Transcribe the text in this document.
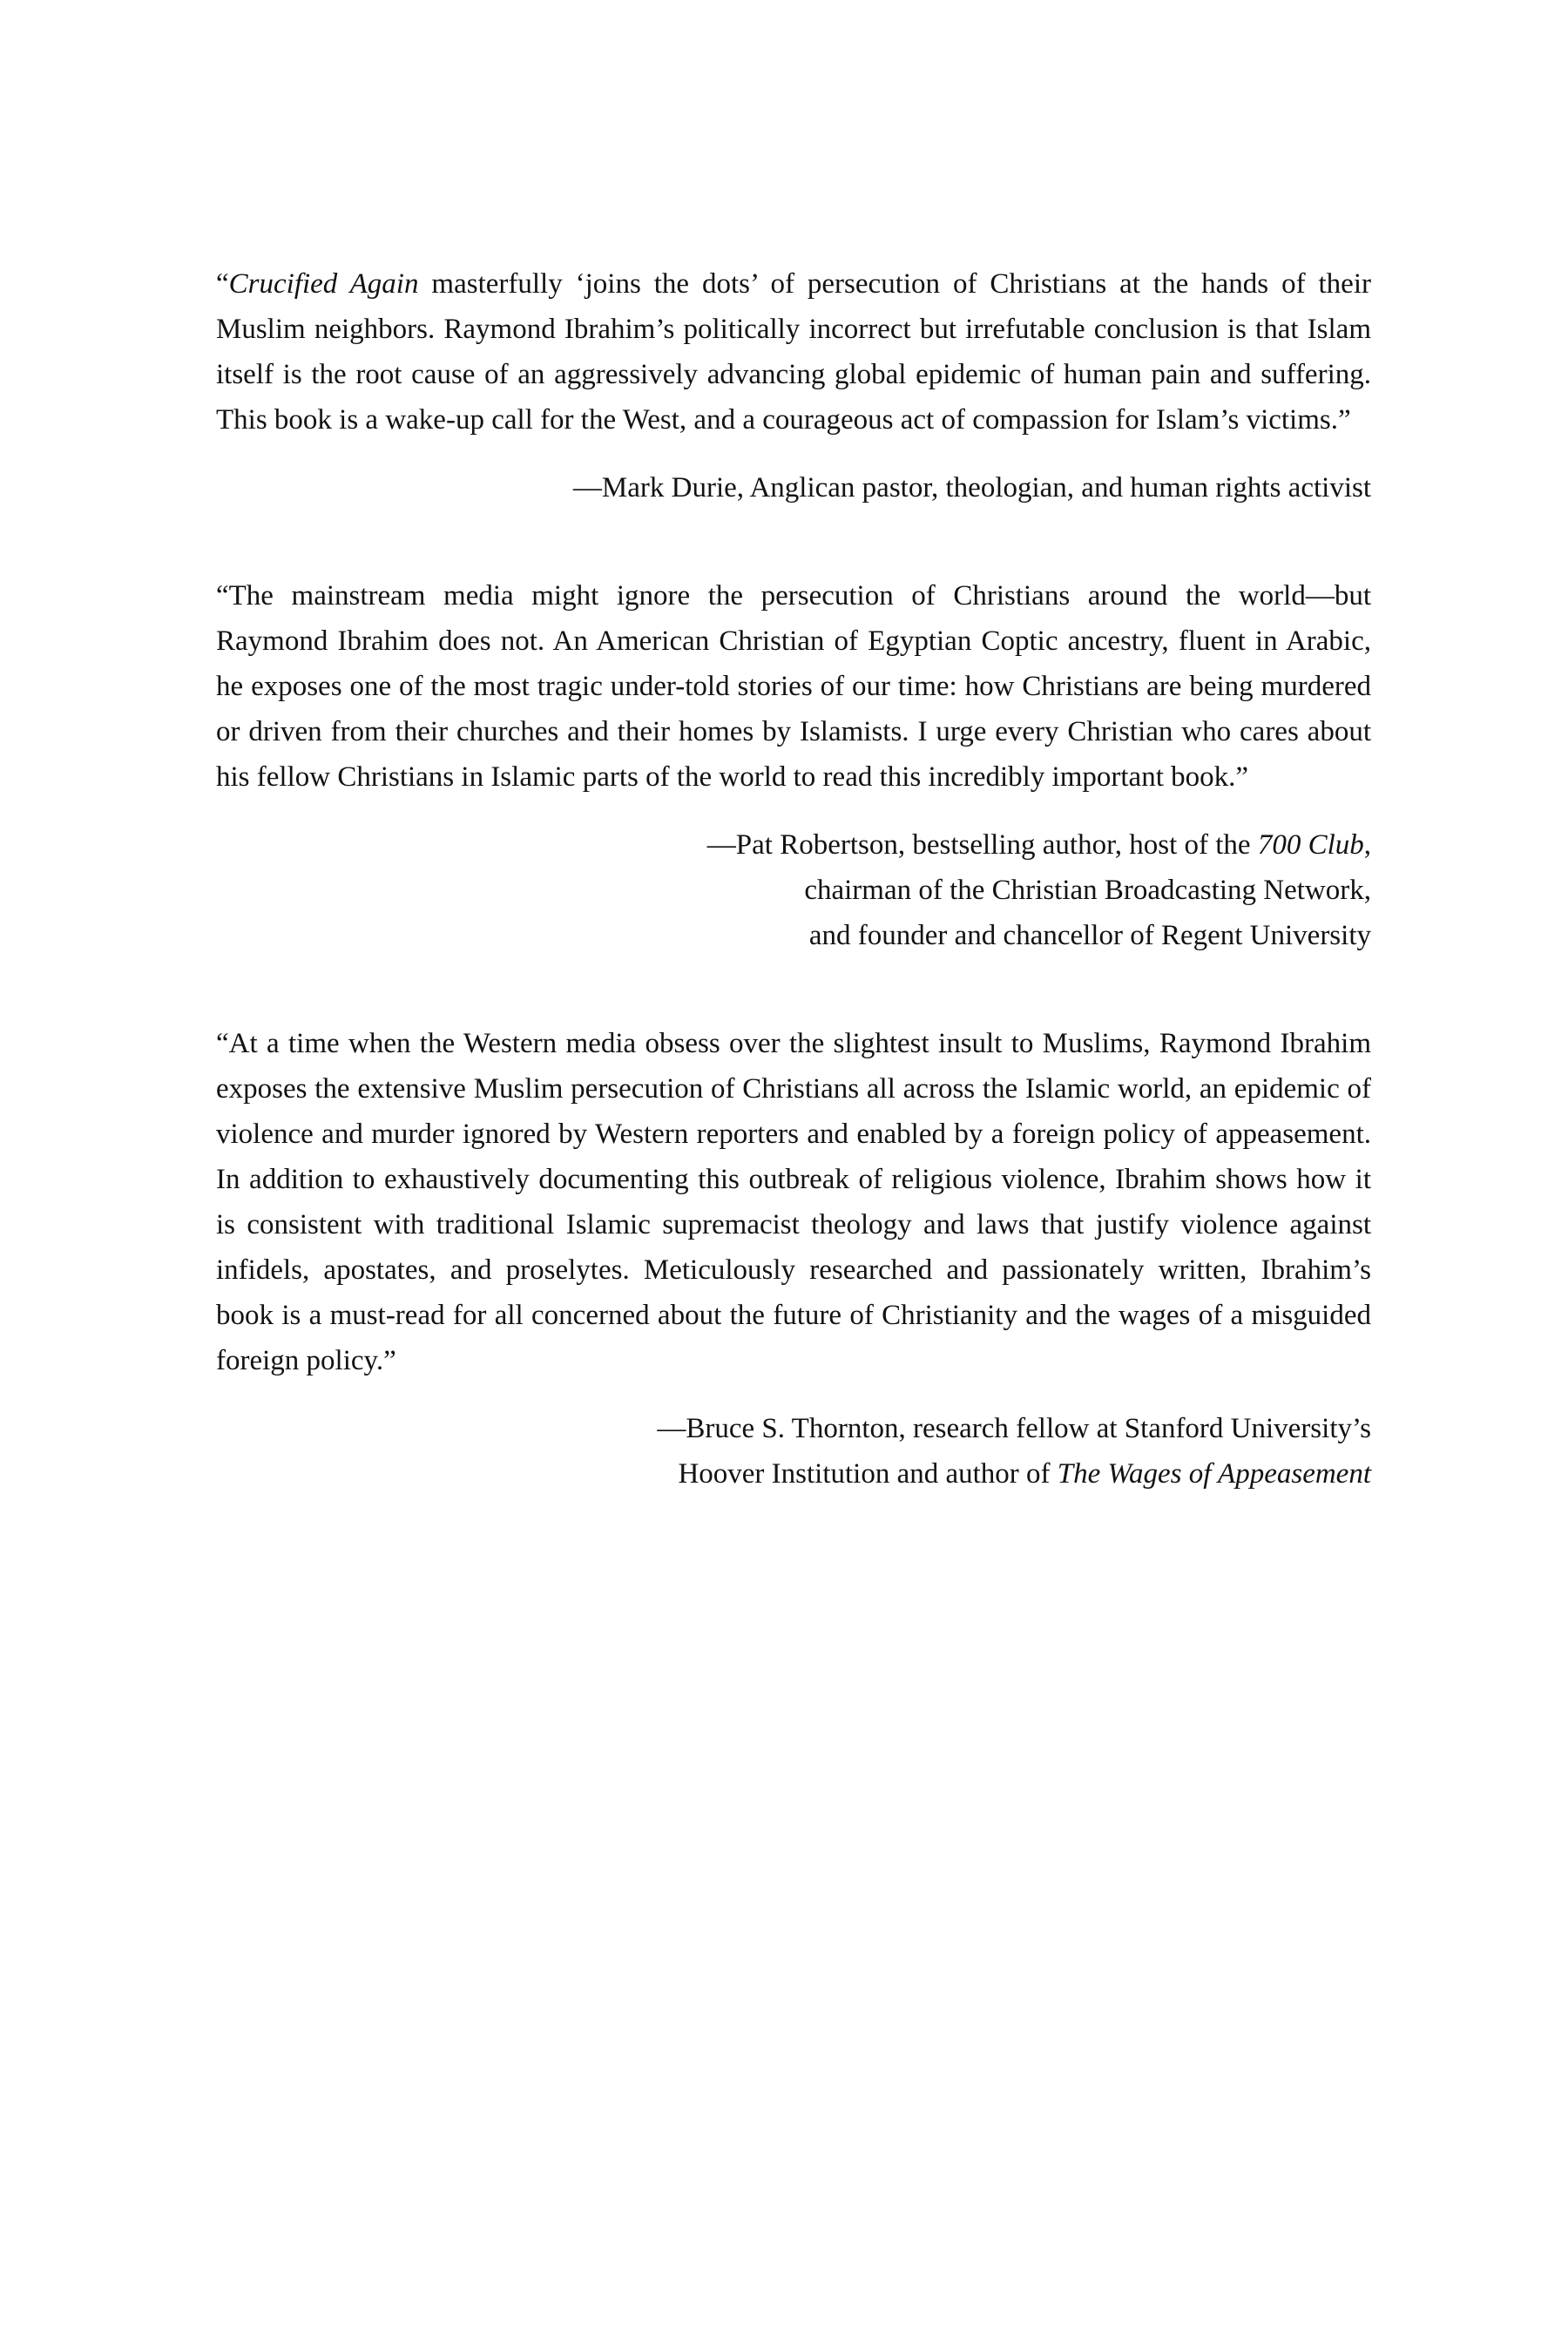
“Crucified Again masterfully ‘joins the dots’ of persecution of Christians at the hands of their Muslim neighbors. Raymond Ibrahim’s politically incorrect but irrefutable conclusion is that Islam itself is the root cause of an aggressively advancing global epidemic of human pain and suffering. This book is a wake-up call for the West, and a courageous act of compassion for Islam’s victims.”

—Mark Durie, Anglican pastor, theologian, and human rights activist

“The mainstream media might ignore the persecution of Christians around the world—but Raymond Ibrahim does not. An American Christian of Egyptian Coptic ancestry, fluent in Arabic, he exposes one of the most tragic under-told stories of our time: how Christians are being murdered or driven from their churches and their homes by Islamists. I urge every Christian who cares about his fellow Christians in Islamic parts of the world to read this incredibly important book.”

—Pat Robertson, bestselling author, host of the 700 Club,
chairman of the Christian Broadcasting Network,
and founder and chancellor of Regent University

“At a time when the Western media obsess over the slightest insult to Muslims, Raymond Ibrahim exposes the extensive Muslim persecution of Christians all across the Islamic world, an epidemic of violence and murder ignored by Western reporters and enabled by a foreign policy of appeasement. In addition to exhaustively documenting this outbreak of religious violence, Ibrahim shows how it is consistent with traditional Islamic supremacist theology and laws that justify violence against infidels, apostates, and proselytes. Meticulously researched and passionately written, Ibrahim’s book is a must-read for all concerned about the future of Christianity and the wages of a misguided foreign policy.”

—Bruce S. Thornton, research fellow at Stanford University’s
Hoover Institution and author of The Wages of Appeasement
